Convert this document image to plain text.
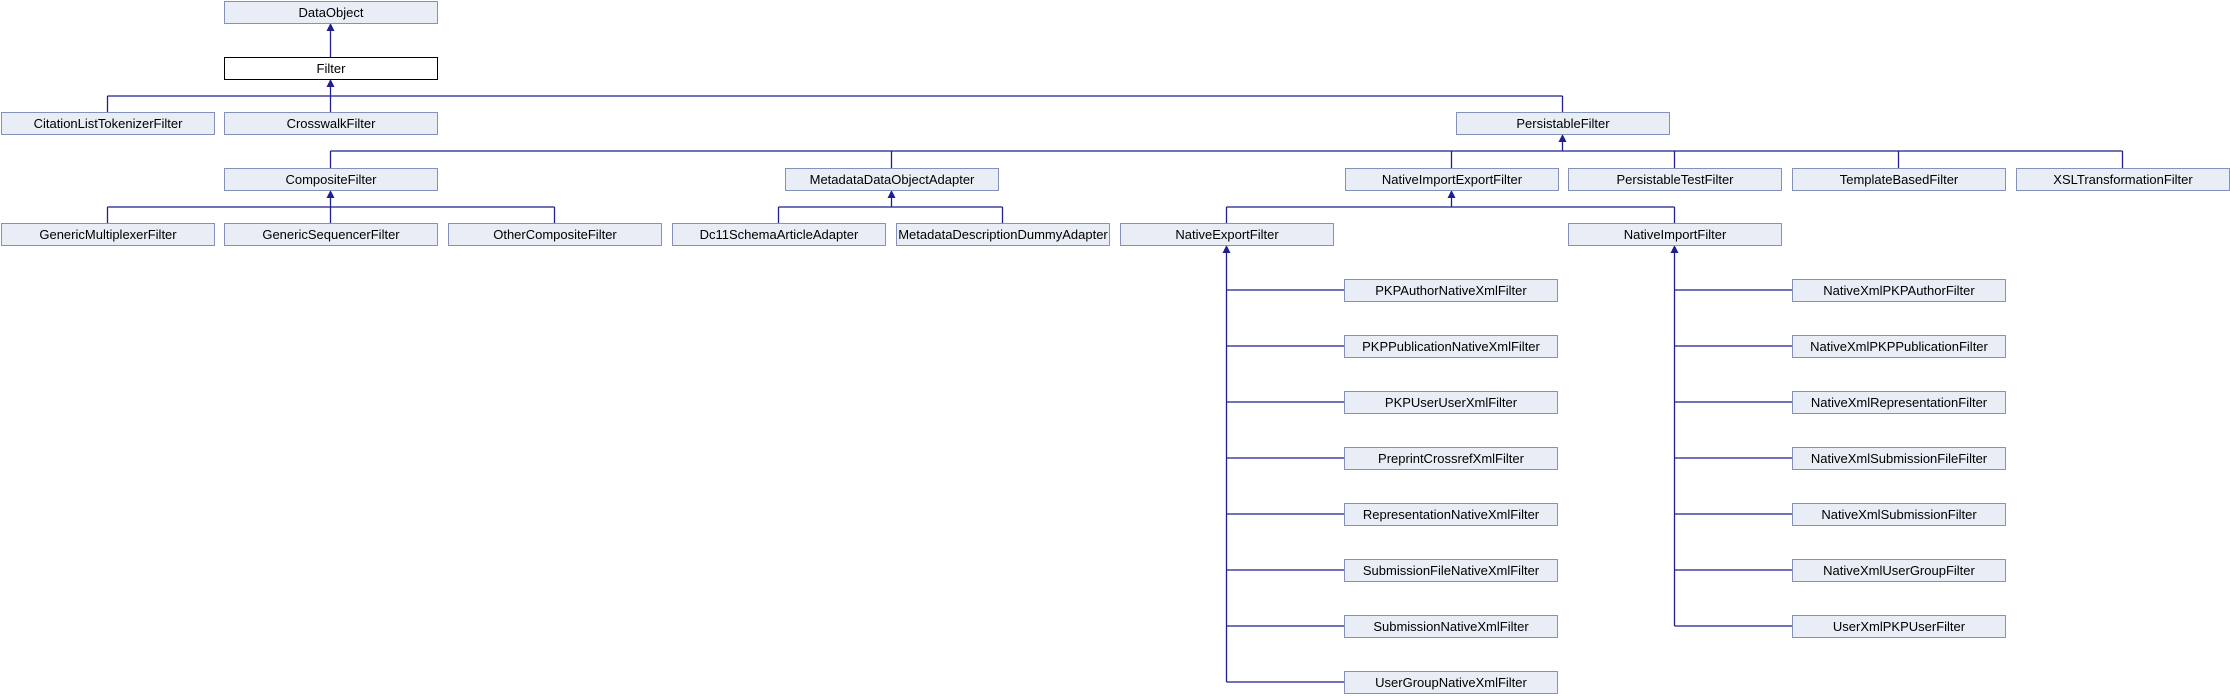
DataObject
Filter
CitationListTokenizerFilter	CrosswalkFilter	PersistableFilter
CompositeFilter	MetadataDataObjectAdapter	NativeImportExportFilter	PersistableTestFilter	TemplateBasedFilter	XSLTransformationFilter
GenericMultiplexerFilter	GenericSequencerFilter	OtherCompositeFilter	Dc11SchemaArticleAdapter	MetadataDescriptionDummyAdapter	NativeExportFilter	NativeImportFilter
PKPAuthorNativeXmlFilter
PKPPublicationNativeXmlFilter
PKPUserUserXmlFilter
PreprintCrossrefXmlFilter
RepresentationNativeXmlFilter
SubmissionFileNativeXmlFilter
SubmissionNativeXmlFilter
UserGroupNativeXmlFilter
NativeXmlPKPAuthorFilter
NativeXmlPKPPublicationFilter
NativeXmlRepresentationFilter
NativeXmlSubmissionFileFilter
NativeXmlSubmissionFilter
NativeXmlUserGroupFilter
UserXmlPKPUserFilter
